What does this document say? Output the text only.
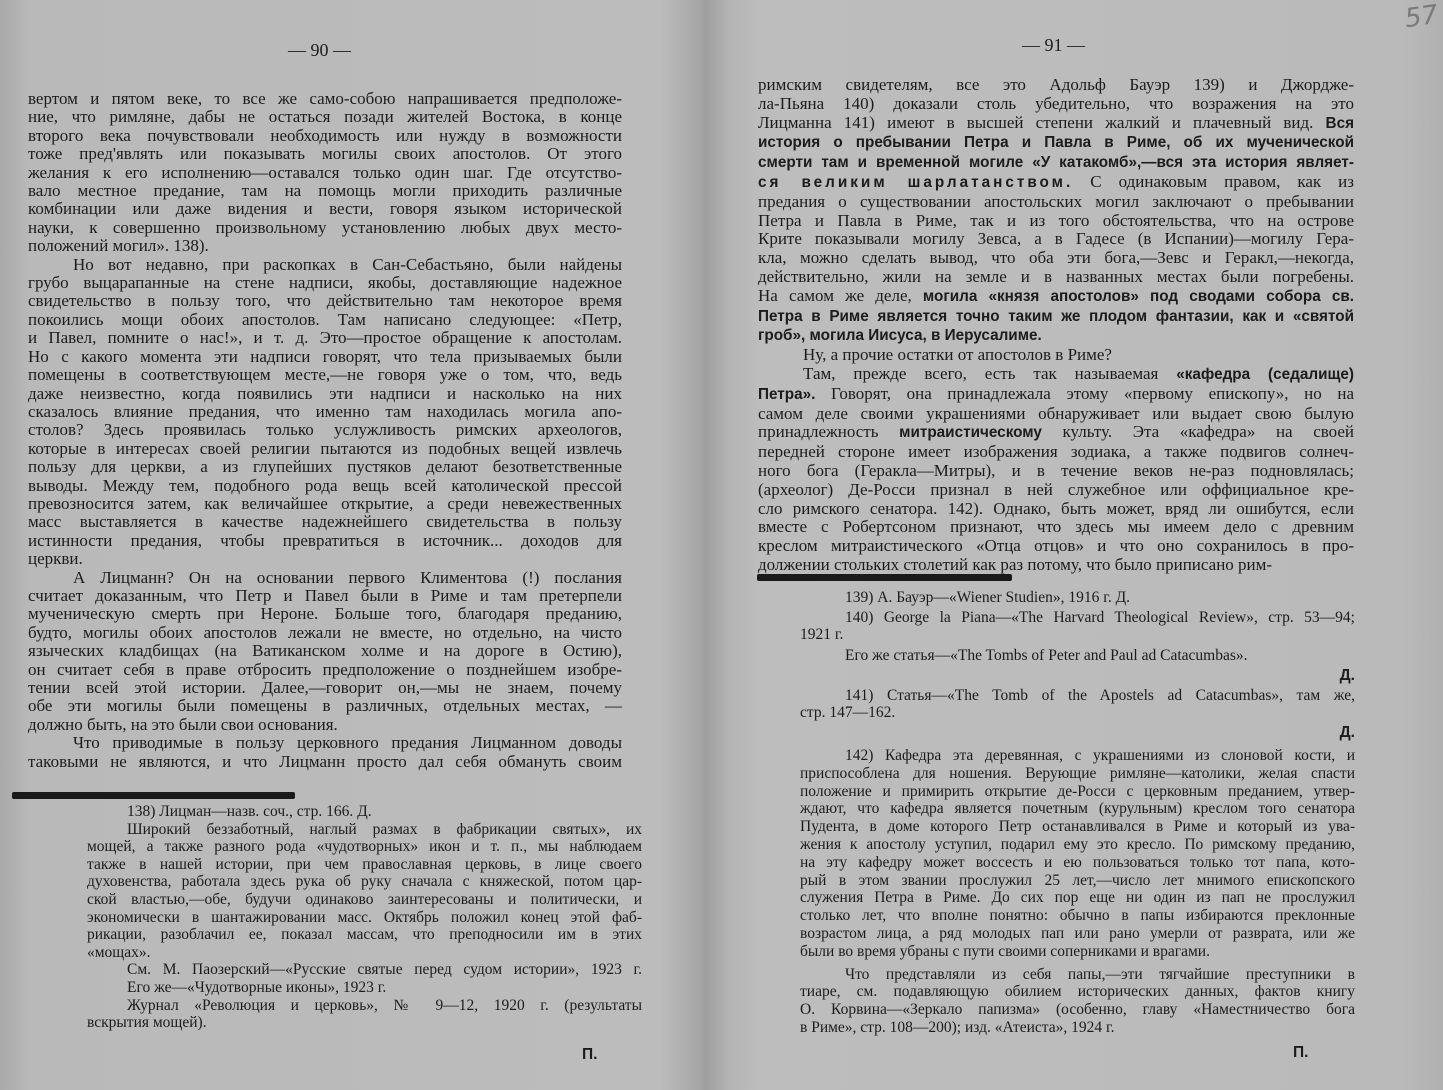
57
— 90 —	— 91 —
вертом и пятом веке, то все же само-собою напрашивается предположе-
ние, что римляне, дабы не остаться позади жителей Востока, в конце
второго века почувствовали необходимость или нужду в возможности
тоже пред'являть или показывать могилы своих апостолов. От этого
желания к его исполнению—оставался только один шаг. Где отсутство-
вало местное предание, там на помощь могли приходить различные
комбинации или даже видения и вести, говоря языком исторической
науки, к совершенно произвольному установлению любых двух место-
положений могил». 138).
Но вот недавно, при раскопках в Сан-Себастьяно, были найдены
грубо выцарапанные на стене надписи, якобы, доставляющие надежное
свидетельство в пользу того, что действительно там некоторое время
покоились мощи обоих апостолов. Там написано следующее: «Петр,
и Павел, помните о нас!», и т. д. Это—простое обращение к апостолам.
Но с какого момента эти надписи говорят, что тела призываемых были
помещены в соответствующем месте,—не говоря уже о том, что, ведь
даже неизвестно, когда появились эти надписи и насколько на них
сказалось влияние предания, что именно там находилась могила апо-
столов? Здесь проявилась только услужливость римских археологов,
которые в интересах своей религии пытаются из подобных вещей извлечь
пользу для церкви, а из глупейших пустяков делают безответственные
выводы. Между тем, подобного рода вещь всей католической прессой
превозносится затем, как величайшее открытие, а среди невежественных
масс выставляется в качестве надежнейшего свидетельства в пользу
истинности предания, чтобы превратиться в источник... доходов для
церкви.
А Лицманн? Он на основании первого Климентова (!) послания
считает доказанным, что Петр и Павел были в Риме и там претерпели
мученическую смерть при Нероне. Больше того, благодаря преданию,
будто, могилы обоих апостолов лежали не вместе, но отдельно, на чисто
языческих кладбищах (на Ватиканском холме и на дороге в Остию),
он считает себя в праве отбросить предположение о позднейшем изобре-
тении всей этой истории. Далее,—говорит он,—мы не знаем, почему
обе эти могилы были помещены в различных, отдельных местах, —
должно быть, на это были свои основания.
Что приводимые в пользу церковного предания Лицманном доводы
таковыми не являются, и что Лицманн просто дал себя обмануть своим
138) Лицман—назв. соч., стр. 166. Д.
Широкий беззаботный, наглый размах в фабрикации святых», их
мощей, а также разного рода «чудотворных» икон и т. п., мы наблюдаем
также в нашей истории, при чем православная церковь, в лице своего
духовенства, работала здесь рука об руку сначала с княжеской, потом цар-
ской властью,—обе, будучи одинаково заинтересованы и политически, и
экономически в шантажировании масс. Октябрь положил конец этой фаб-
рикации, разоблачил ее, показал массам, что преподносили им в этих
«мощах».
См. М. Паозерский—«Русские святые перед судом истории», 1923 г.
Его же—«Чудотворные иконы», 1923 г.
Журнал «Революция и церковь», № 9—12, 1920 г. (результаты
вскрытия мощей).
П.
римским свидетелям, все это Адольф Бауэр 139) и Джордже-
ла-Пьяна 140) доказали столь убедительно, что возражения на это
Лицманна 141) имеют в высшей степени жалкий и плачевный вид. Вся
история о пребывании Петра и Павла в Риме, об их мученической
смерти там и временной могиле «У катакомб»,—вся эта история являет-
ся великим шарлатанством. С одинаковым правом, как из
предания о существовании апостольских могил заключают о пребывании
Петра и Павла в Риме, так и из того обстоятельства, что на острове
Крите показывали могилу Зевса, а в Гадесе (в Испании)—могилу Гера-
кла, можно сделать вывод, что оба эти бога,—Зевс и Геракл,—некогда,
действительно, жили на земле и в названных местах были погребены.
На самом же деле, могила «князя апостолов» под сводами собора св.
Петра в Риме является точно таким же плодом фантазии, как и «святой
гроб», могила Иисуса, в Иерусалиме.
Ну, а прочие остатки от апостолов в Риме?
Там, прежде всего, есть так называемая «кафедра (седалище)
Петра». Говорят, она принадлежала этому «первому епископу», но на
самом деле своими украшениями обнаруживает или выдает свою былую
принадлежность митраистическому культу. Эта «кафедра» на своей
передней стороне имеет изображения зодиака, а также подвигов солнеч-
ного бога (Геракла—Митры), и в течение веков не-раз подновлялась;
(археолог) Де-Росси признал в ней служебное или оффициальное кре-
сло римского сенатора. 142). Однако, быть может, вряд ли ошибутся, если
вместе с Робертсоном признают, что здесь мы имеем дело с древним
креслом митраистического «Отца отцов» и что оно сохранилось в про-
должении стольких столетий как раз потому, что было приписано рим-
139) А. Бауэр—«Wiener Studien», 1916 г. Д.
140) George la Piana—«The Harvard Theological Review», стр. 53—94;
1921 г.
Его же статья—«The Tombs of Peter and Paul ad Catacumbas».
Д.
141) Статья—«The Tomb of the Apostels ad Catacumbas», там же,
стр. 147—162.
Д.
142) Кафедра эта деревянная, с украшениями из слоновой кости, и
приспособлена для ношения. Верующие римляне—католики, желая спасти
положение и примирить открытие де-Росси с церковным преданием, утвер-
ждают, что кафедра является почетным (курульным) креслом того сенатора
Пудента, в доме которого Петр останавливался в Риме и который из ува-
жения к апостолу уступил, подарил ему это кресло. По римскому преданию,
на эту кафедру может воссесть и ею пользоваться только тот папа, кото-
рый в этом звании прослужил 25 лет,—число лет мнимого епископского
служения Петра в Риме. До сих пор еще ни один из пап не прослужил
столько лет, что вполне понятно: обычно в папы избираются преклонные
возрастом лица, а ряд молодых пап или рано умерли от разврата, или же
были во время убраны с пути своими соперниками и врагами.
Что представляли из себя папы,—эти тягчайшие преступники в
тиаре, см. подавляющую обилием исторических данных, фактов книгу
О. Корвина—«Зеркало папизма» (особенно, главу «Наместничество бога
в Риме», стр. 108—200); изд. «Атеиста», 1924 г.
П.
